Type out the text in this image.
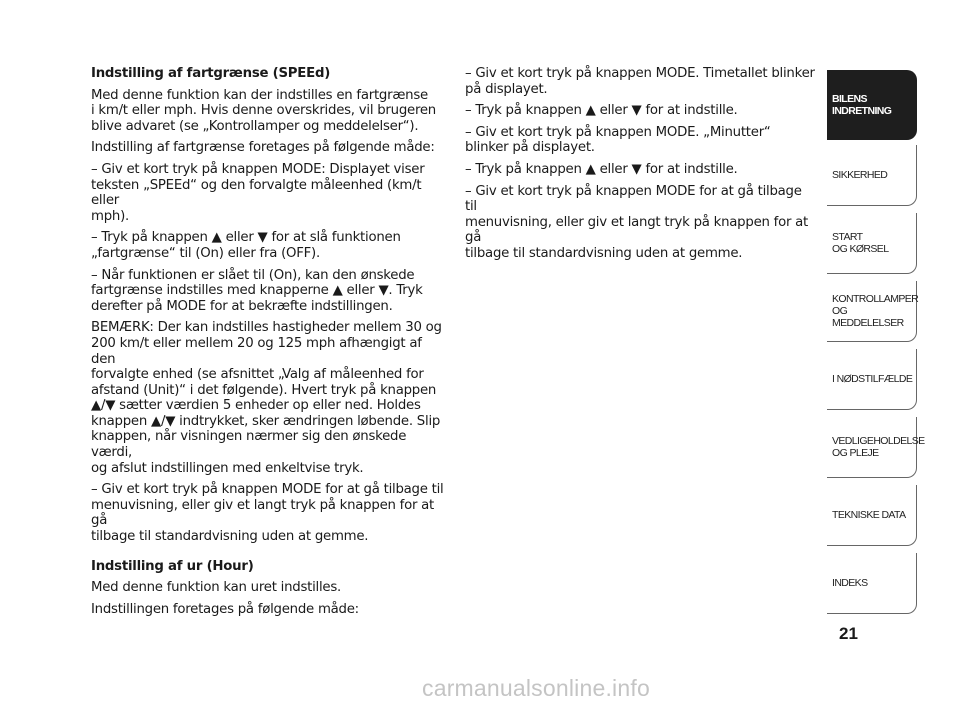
Indstilling af fartgrænse (SPEEd)

Med denne funktion kan der indstilles en fartgrænse
i km/t eller mph. Hvis denne overskrides, vil brugeren
blive advaret (se „Kontrollamper og meddelelser“).

Indstilling af fartgrænse foretages på følgende måde:

– Giv et kort tryk på knappen MODE: Displayet viser
teksten „SPEEd“ og den forvalgte måleenhed (km/t eller
mph).

– Tryk på knappen ▲ eller ▼ for at slå funktionen
„fartgrænse“ til (On) eller fra (OFF).

– Når funktionen er slået til (On), kan den ønskede
fartgrænse indstilles med knapperne ▲ eller ▼. Tryk
derefter på MODE for at bekræfte indstillingen.

BEMÆRK: Der kan indstilles hastigheder mellem 30 og
200 km/t eller mellem 20 og 125 mph afhængigt af den
forvalgte enhed (se afsnittet „Valg af måleenhed for
afstand (Unit)“ i det følgende). Hvert tryk på knappen
▲/▼ sætter værdien 5 enheder op eller ned. Holdes
knappen ▲/▼ indtrykket, sker ændringen løbende. Slip
knappen, når visningen nærmer sig den ønskede værdi,
og afslut indstillingen med enkeltvise tryk.

– Giv et kort tryk på knappen MODE for at gå tilbage til
menuvisning, eller giv et langt tryk på knappen for at gå
tilbage til standardvisning uden at gemme.

Indstilling af ur (Hour)

Med denne funktion kan uret indstilles.

Indstillingen foretages på følgende måde:

– Giv et kort tryk på knappen MODE. Timetallet blinker
på displayet.

– Tryk på knappen ▲ eller ▼ for at indstille.

– Giv et kort tryk på knappen MODE. „Minutter“
blinker på displayet.

– Tryk på knappen ▲ eller ▼ for at indstille.

– Giv et kort tryk på knappen MODE for at gå tilbage til
menuvisning, eller giv et langt tryk på knappen for at gå
tilbage til standardvisning uden at gemme.

BILENS
INDRETNING
SIKKERHED
START
OG KØRSEL
KONTROLLAMPER
OG MEDDELELSER
I NØDSTILFÆLDE
VEDLIGEHOLDELSE
OG PLEJE
TEKNISKE DATA
INDEKS
21
carmanualsonline.info
